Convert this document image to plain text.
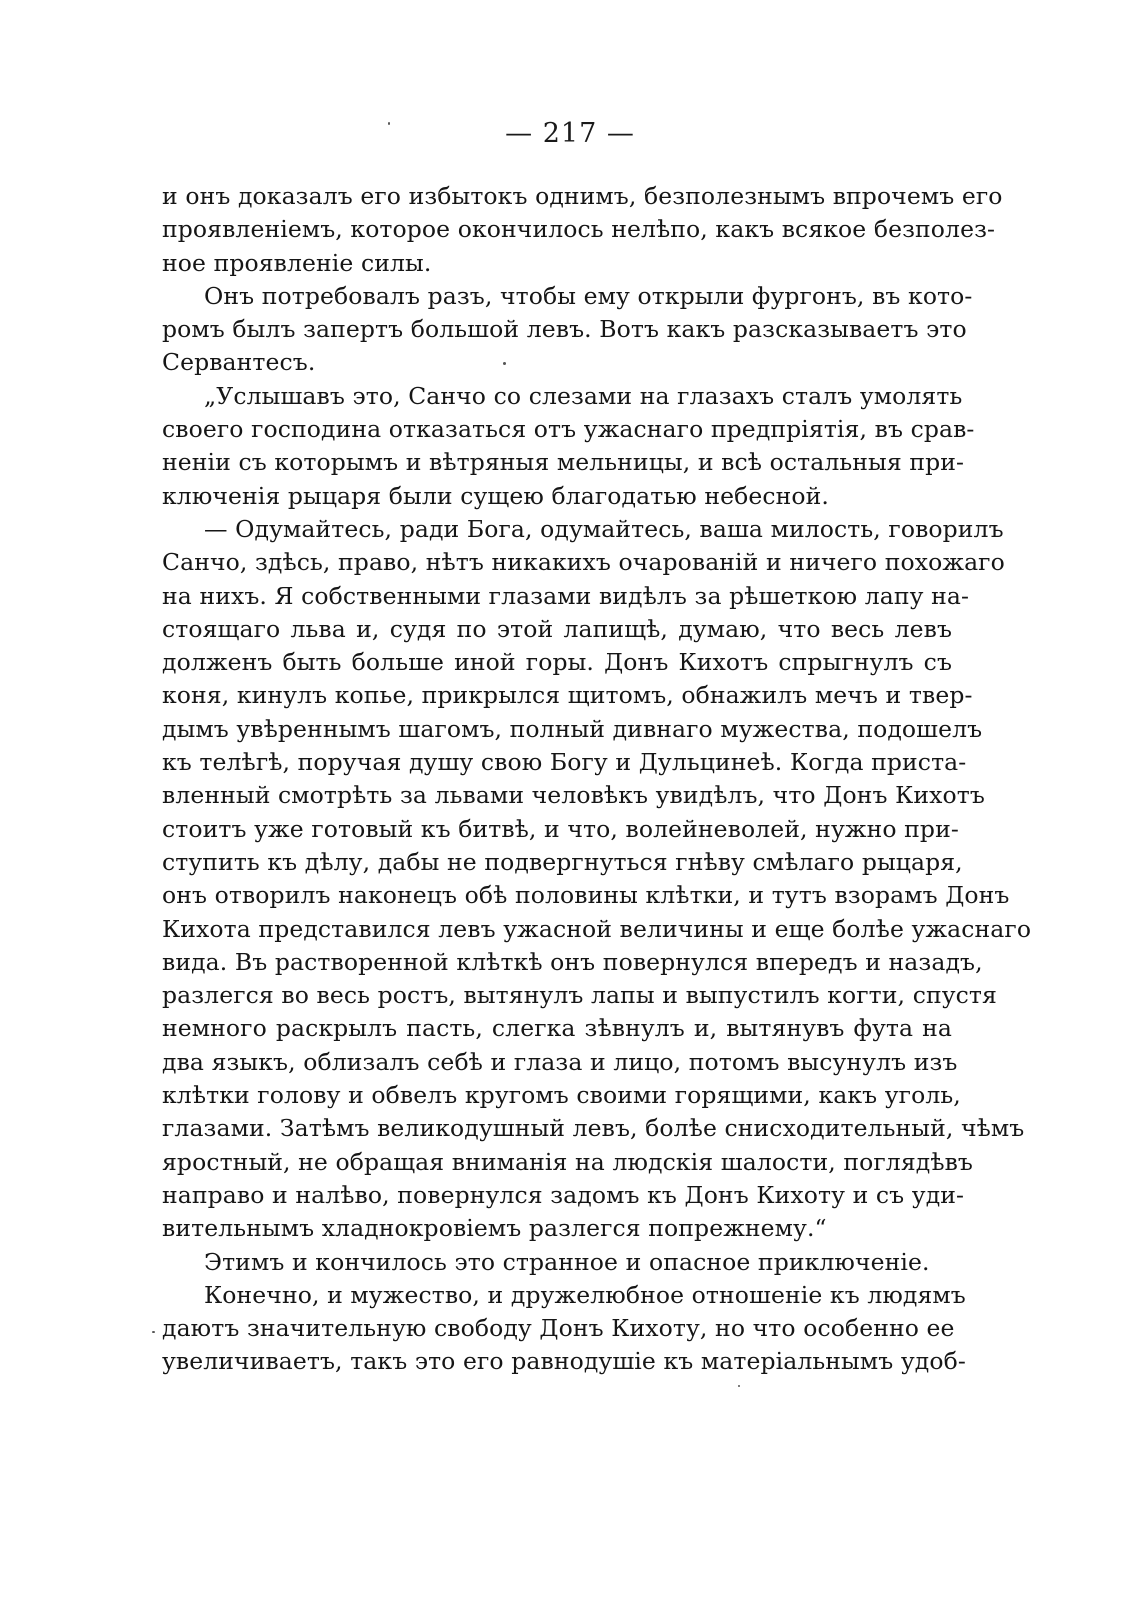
— 217 —
и онъ доказалъ его избытокъ однимъ, безполезнымъ впрочемъ его
проявленіемъ, которое окончилось нелѣпо, какъ всякое безполез-
ное проявленіе силы.
Онъ потребовалъ разъ, чтобы ему открыли фургонъ, въ кото-
ромъ былъ запертъ большой левъ. Вотъ какъ разсказываетъ это
Сервантесъ.
„Услышавъ это, Санчо со слезами на глазахъ сталъ умолять
своего господина отказаться отъ ужаснаго предпріятія, въ срав-
неніи съ которымъ и вѣтряныя мельницы, и всѣ остальныя при-
ключенія рыцаря были сущею благодатью небесной.
— Одумайтесь, ради Бога, одумайтесь, ваша милость, говорилъ
Санчо, здѣсь, право, нѣтъ никакихъ очарованій и ничего похожаго
на нихъ. Я собственными глазами видѣлъ за рѣшеткою лапу на-
стоящаго льва и, судя по этой лапищѣ, думаю, что весь левъ
долженъ быть больше иной горы. Донъ Кихотъ спрыгнулъ съ
коня, кинулъ копье, прикрылся щитомъ, обнажилъ мечъ и твер-
дымъ увѣреннымъ шагомъ, полный дивнаго мужества, подошелъ
къ телѣгѣ, поручая душу свою Богу и Дульцинеѣ. Когда приста-
вленный смотрѣть за львами человѣкъ увидѣлъ, что Донъ Кихотъ
стоитъ уже готовый къ битвѣ, и что, волейневолей, нужно при-
ступить къ дѣлу, дабы не подвергнуться гнѣву смѣлаго рыцаря,
онъ отворилъ наконецъ обѣ половины клѣтки, и тутъ взорамъ Донъ
Кихота представился левъ ужасной величины и еще болѣе ужаснаго
вида. Въ растворенной клѣткѣ онъ повернулся впередъ и назадъ,
разлегся во весь ростъ, вытянулъ лапы и выпустилъ когти, спустя
немного раскрылъ пасть, слегка зѣвнулъ и, вытянувъ фута на
два языкъ, облизалъ себѣ и глаза и лицо, потомъ высунулъ изъ
клѣтки голову и обвелъ кругомъ своими горящими, какъ уголь,
глазами. Затѣмъ великодушный левъ, болѣе снисходительный, чѣмъ
яростный, не обращая вниманія на людскія шалости, поглядѣвъ
направо и налѣво, повернулся задомъ къ Донъ Кихоту и съ уди-
вительнымъ хладнокровіемъ разлегся попрежнему.“
Этимъ и кончилось это странное и опасное приключеніе.
Конечно, и мужество, и дружелюбное отношеніе къ людямъ
даютъ значительную свободу Донъ Кихоту, но что особенно ее
увеличиваетъ, такъ это его равнодушіе къ матеріальнымъ удоб-
